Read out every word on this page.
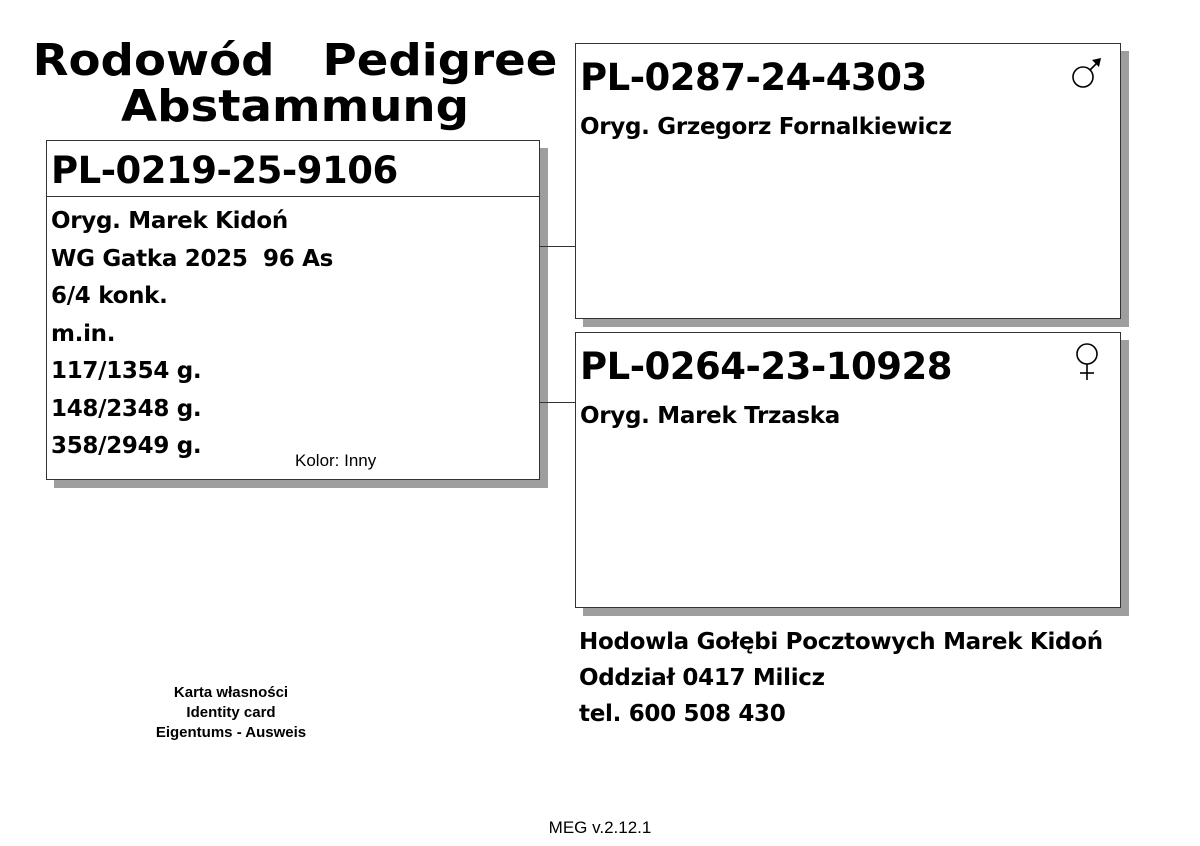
Rodowód Pedigree
Abstammung
PL-0219-25-9106
Oryg. Marek Kidoń
WG Gatka 2025  96 As
6/4 konk.
m.in.
117/1354 g.
148/2348 g.
358/2949 g.
Kolor: Inny
PL-0287-24-4303
Oryg. Grzegorz Fornalkiewicz
PL-0264-23-10928
Oryg. Marek Trzaska
Hodowla Gołębi Pocztowych Marek Kidoń
Oddział 0417 Milicz
tel. 600 508 430
Karta własności
Identity card
Eigentums - Ausweis
MEG v.2.12.1
